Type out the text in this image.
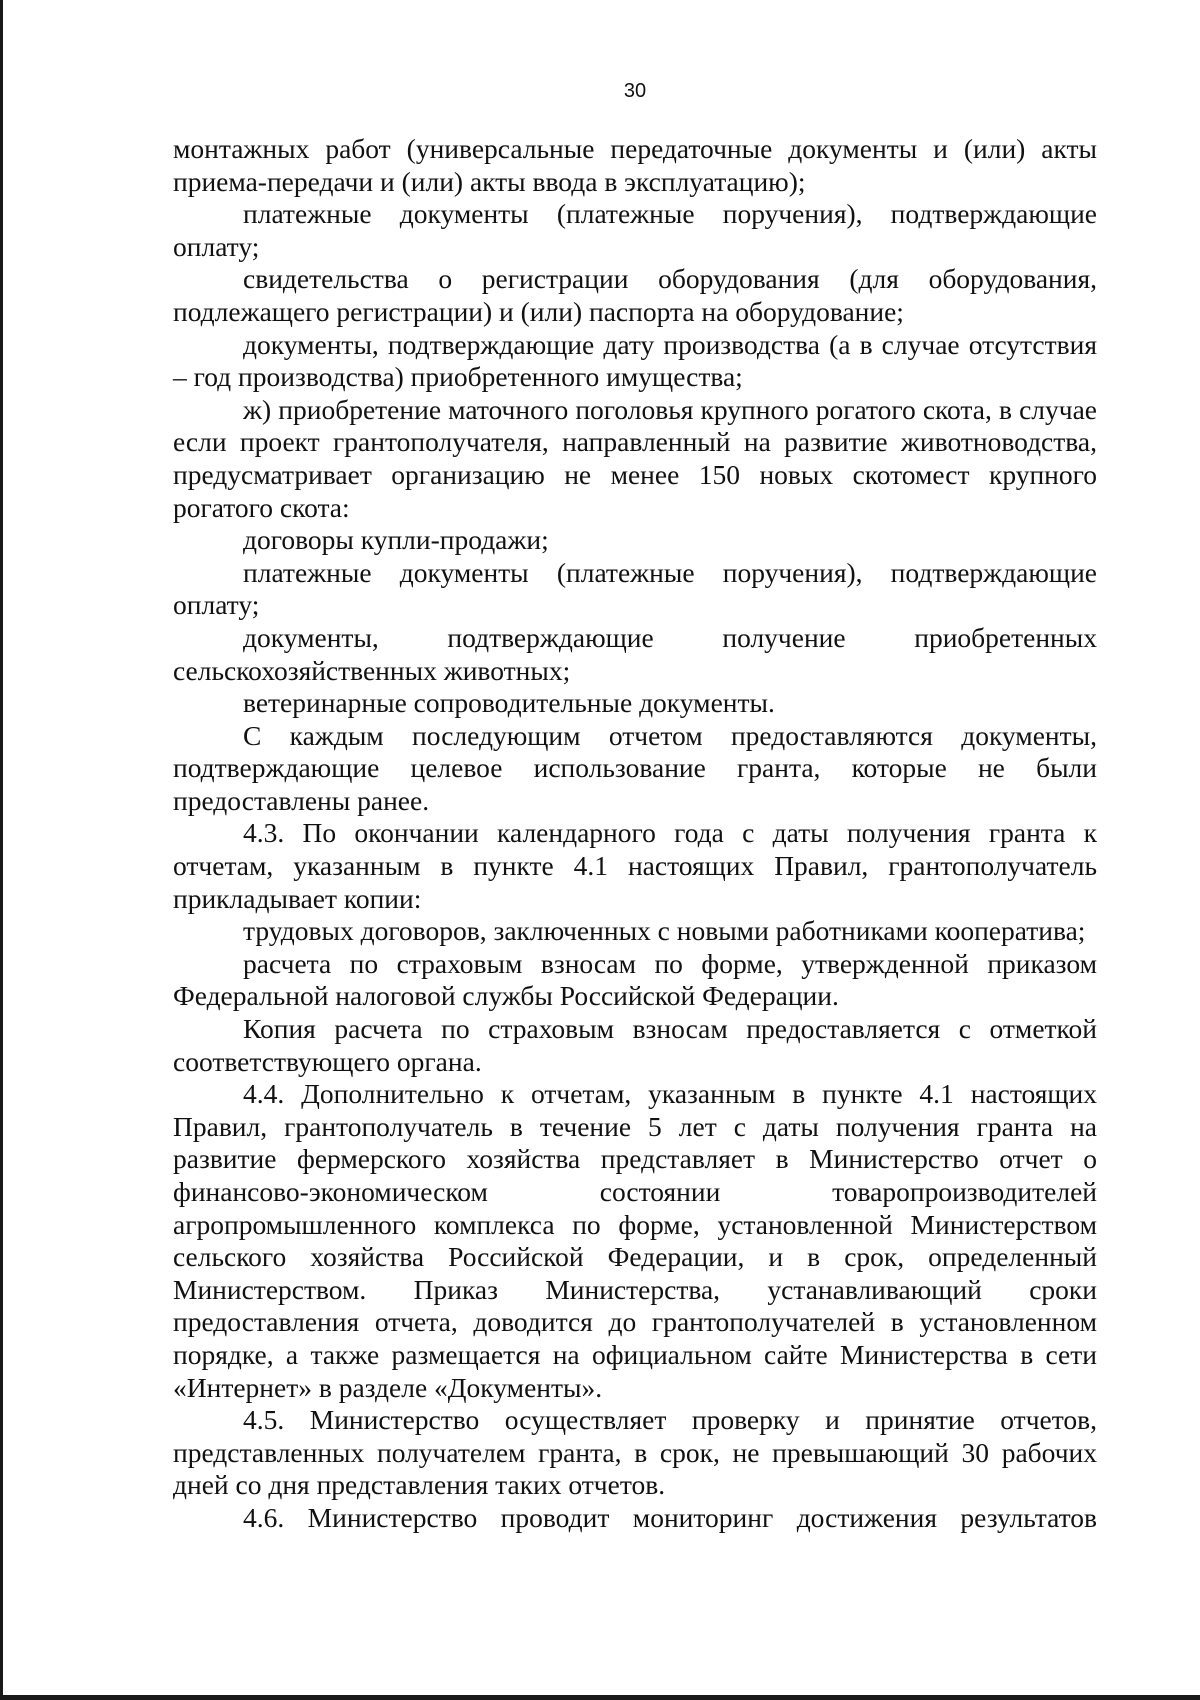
30

монтажных работ (универсальные передаточные документы и (или) акты приема-передачи и (или) акты ввода в эксплуатацию);

платежные документы (платежные поручения), подтверждающие оплату;

свидетельства о регистрации оборудования (для оборудования, подлежащего регистрации) и (или) паспорта на оборудование;

документы, подтверждающие дату производства (а в случае отсутствия – год производства) приобретенного имущества;

ж) приобретение маточного поголовья крупного рогатого скота, в случае если проект грантополучателя, направленный на развитие животноводства, предусматривает организацию не менее 150 новых скотомест крупного рогатого скота:

договоры купли-продажи;

платежные документы (платежные поручения), подтверждающие оплату;

документы, подтверждающие получение приобретенных сельскохозяйственных животных;

ветеринарные сопроводительные документы.

С каждым последующим отчетом предоставляются документы, подтверждающие целевое использование гранта, которые не были предоставлены ранее.

4.3. По окончании календарного года с даты получения гранта к отчетам, указанным в пункте 4.1 настоящих Правил, грантополучатель прикладывает копии:

трудовых договоров, заключенных с новыми работниками кооператива;

расчета по страховым взносам по форме, утвержденной приказом Федеральной налоговой службы Российской Федерации.

Копия расчета по страховым взносам предоставляется с отметкой соответствующего органа.

4.4. Дополнительно к отчетам, указанным в пункте 4.1 настоящих Правил, грантополучатель в течение 5 лет с даты получения гранта на развитие фермерского хозяйства представляет в Министерство отчет о финансово-экономическом состоянии товаропроизводителей агропромышленного комплекса по форме, установленной Министерством сельского хозяйства Российской Федерации, и в срок, определенный Министерством. Приказ Министерства, устанавливающий сроки предоставления отчета, доводится до грантополучателей в установленном порядке, а также размещается на официальном сайте Министерства в сети «Интернет» в разделе «Документы».

4.5. Министерство осуществляет проверку и принятие отчетов, представленных получателем гранта, в срок, не превышающий 30 рабочих дней со дня представления таких отчетов.

4.6. Министерство проводит мониторинг достижения результатов
